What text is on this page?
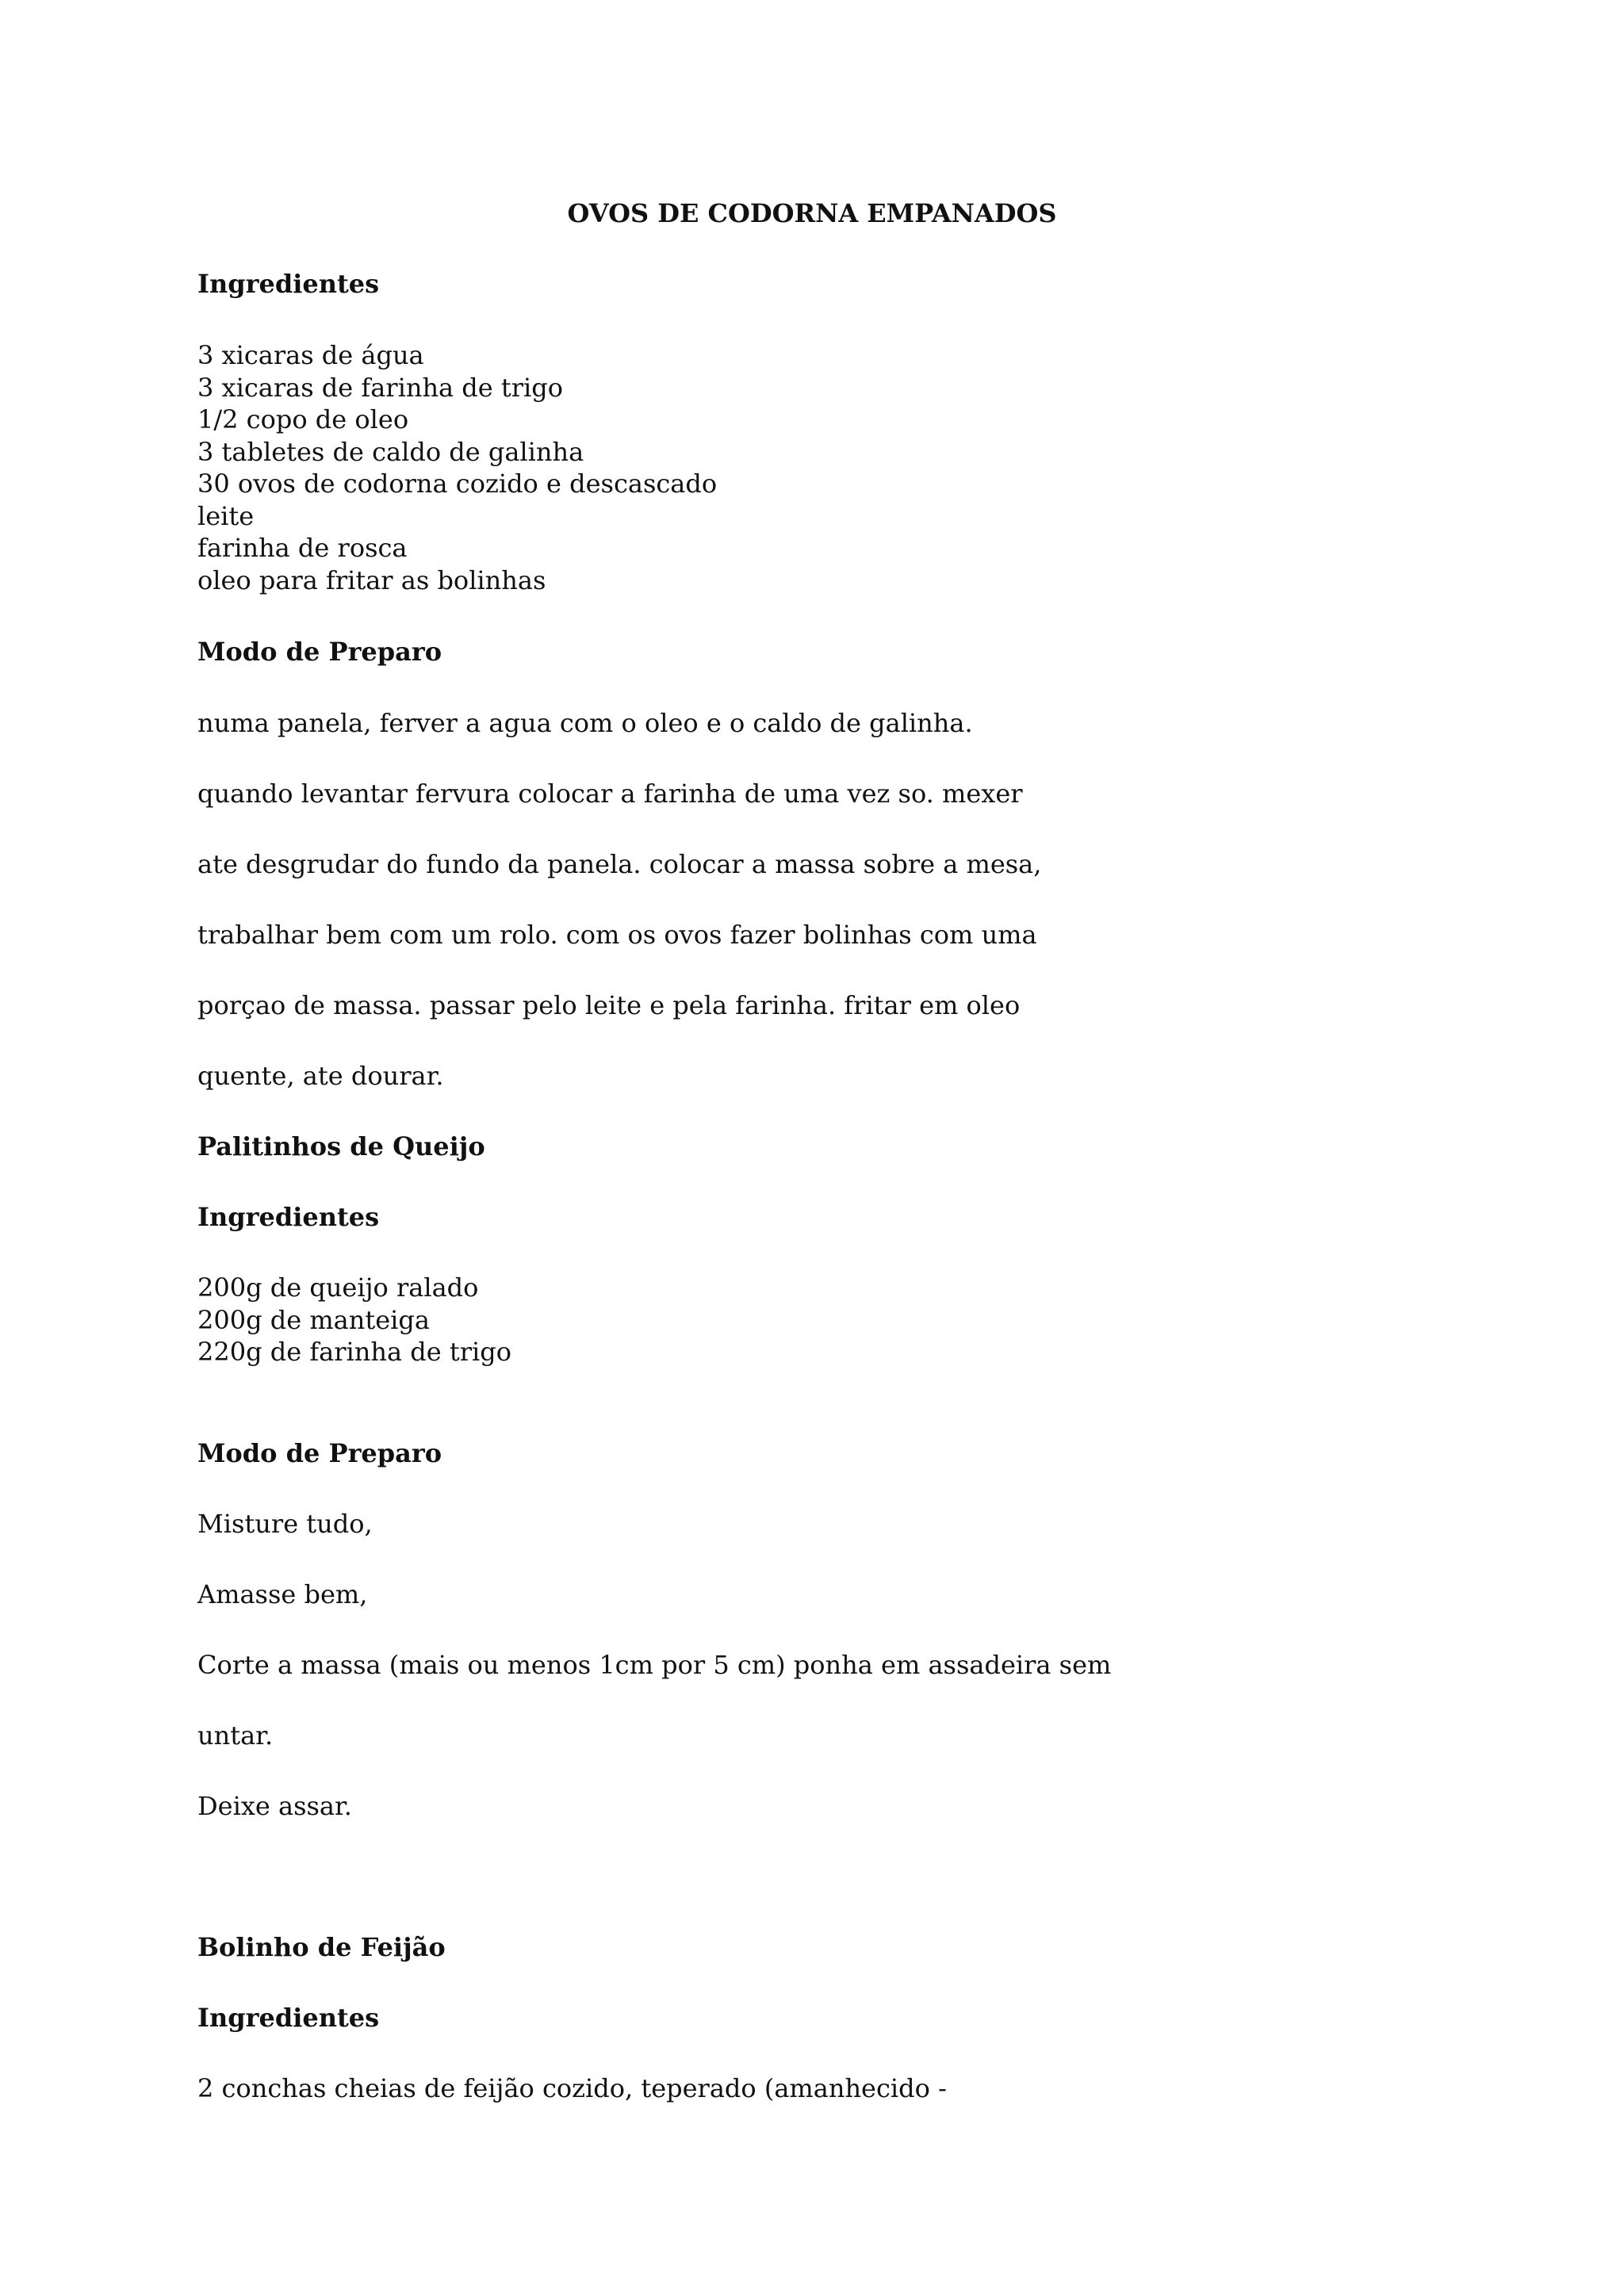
OVOS DE CODORNA EMPANADOS
Ingredientes
3 xicaras de água
3 xicaras de farinha de trigo
1/2 copo de oleo
3 tabletes de caldo de galinha
30 ovos de codorna cozido e descascado
leite
farinha de rosca
oleo para fritar as bolinhas
Modo de Preparo
numa panela, ferver a agua com o oleo e o caldo de galinha.
quando levantar fervura colocar a farinha de uma vez so. mexer
ate desgrudar do fundo da panela. colocar a massa sobre a mesa,
trabalhar bem com um rolo. com os ovos fazer bolinhas com uma
porçao de massa. passar pelo leite e pela farinha. fritar em oleo
quente, ate dourar.
Palitinhos de Queijo
Ingredientes
200g de queijo ralado
200g de manteiga
220g de farinha de trigo
Modo de Preparo
Misture tudo,
Amasse bem,
Corte a massa (mais ou menos 1cm por 5 cm) ponha em assadeira sem
untar.
Deixe assar.
Bolinho de Feijão
Ingredientes
2 conchas cheias de feijão cozido, teperado (amanhecido -
